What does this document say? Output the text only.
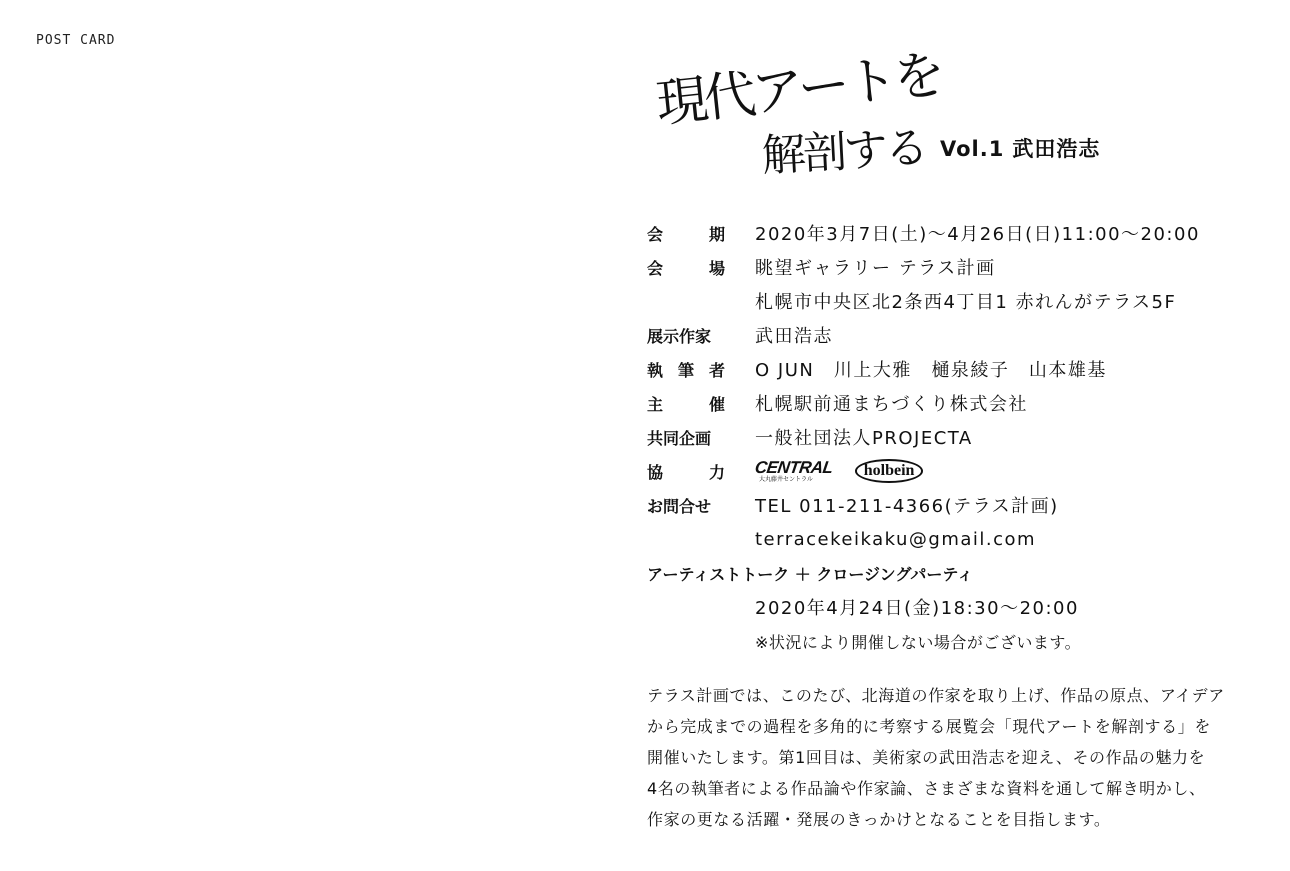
POST CARD
現代アートを
解剖する Vol.1 武田浩志
会	期 2020年3月7日(土)〜4月26日(日)11:00〜20:00
会	場 眺望ギャラリー テラス計画
札幌市中央区北2条西4丁目1 赤れんがテラス5F
展示作家	武田浩志
執 筆 者 O JUN　川上大雅　樋泉綾子　山本雄基
主	催 札幌駅前通まちづくり株式会社
共同企画	一般社団法人PROJECTA
協	力 CENTRAL
大丸藤井セントラル
holbein
お問合せ	TEL 011-211-4366(テラス計画)
terracekeikaku@gmail.com
アーティストトーク ＋ クロージングパーティ
2020年4月24日(金)18:30〜20:00
※状況により開催しない場合がございます。

テラス計画では、このたび、北海道の作家を取り上げ、作品の原点、アイデア

から完成までの過程を多角的に考察する展覧会「現代アートを解剖する」を

開催いたします。第1回目は、美術家の武田浩志を迎え、その作品の魅力を

4名の執筆者による作品論や作家論、さまざまな資料を通して解き明かし、

作家の更なる活躍・発展のきっかけとなることを目指します。
